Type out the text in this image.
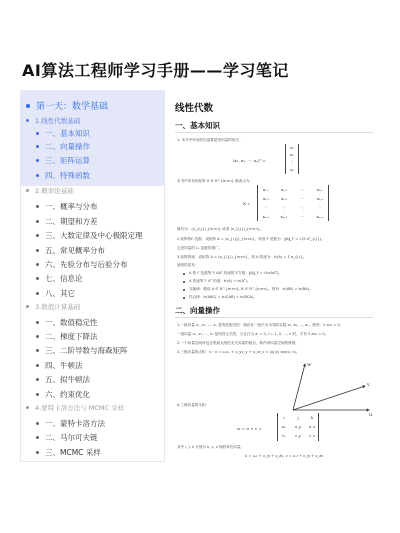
AI算法工程师学习手册——学习笔记
第一天：数学基础
1.线性代数基础
一、基本知识
二、向量操作
三、矩阵运算
四、特殊函数
2.概率论基础
一、概率与分布
二、期望和方差
三、大数定律及中心极限定理
五、常见概率分布
六、先验分布与后验分布
七、信息论
八、其它
3.数值计算基础
一、数值稳定性
二、梯度下降法
三、二阶导数与海森矩阵
四、牛顿法
五、拟牛顿法
六、约束优化
4.蒙特卡洛方法与 MCMC 采样
一、蒙特卡洛方法
二、马尔可夫链
三、MCMC 采样
线性代数
一、基本知识
1. 本书中所有的向量都是列向量的形式：
(x₁, x₂, ⋯, xₙ)ᵀ =
x₁
x₂
⋮
xₙ
本书中所有的矩阵 X ∈ ℝ^{m×n} 都表示为：
X =
x₁,₁	x₁,₂	⋯	x₁,ₙ
x₂,₁	x₂,₂	⋯	x₂,ₙ
⋮	⋮	⋱	⋮
xₘ,₁	xₘ,₂	⋯	xₘ,ₙ
简写为：(x_{i,j})_{m×n} 或者 (x_{i,j})_{m×n}。
2.矩阵的F-范数：设矩阵 A = (a_{i,j})_{m×n}，则其 F 范数为：‖A‖_F = √(Σ a²_{i,j})。
它是向量的 L₂ 范数的推广。
3.矩阵的迹：设矩阵 A = (a_{i,j})_{m×n}，则 A 的迹为：tr(A) = Σ a_{i,i}。
迹的性质有：
A 的 F 范数等于 AAᵀ 的迹的平方根：‖A‖_F = √tr(AAᵀ)。
A 的迹等于 Aᵀ 的迹：tr(A) = tr(Aᵀ)。
交换律：假设 A ∈ ℝ^{m×n}, B ∈ ℝ^{n×m}，则有：tr(AB) = tr(BA)。
结合律：tr(ABC) = tr(CAB) = tr(BCA)。
二、向量操作
1.一组向量 v₁, v₂, ..., vₙ 是线性相关的：指存在一组不全为零的实数 a₁, a₂, ..., aₙ，使得：Σ aᵢvᵢ = 0。
一组向量 v₁, v₂, ..., vₙ 是线性无关的，当且仅当 aᵢ = 0, i = 1, 2, ..., n 时，才有 Σ aᵢvᵢ = 0。
2.一个向量空间所包含的最大线性无关向量的数目，称作该向量空间的维数。
3.三维向量的点积：u · v = uₓvₓ + u_yv_y + u_zv_z = |u||v| cos(u, v)。
w
u
v
4.三维向量的叉积：
w = u × v =
i	j	k
uₓ	u_y	u_z
vₓ	v_y	v_z
其中 i, j, k 分别为 x, y, z 轴的单位向量。
u = uₓi + u_yj + u_zk, v = vₓi + v_yj + v_zk
